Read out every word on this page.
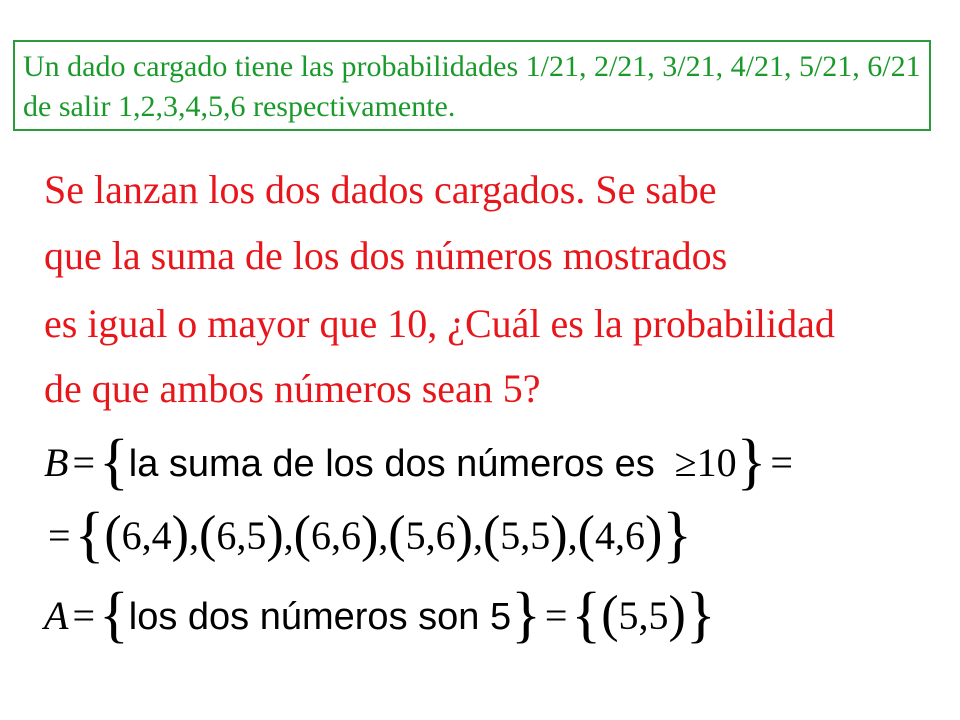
Un dado cargado tiene las probabilidades 1/21, 2/21, 3/21, 4/21, 5/21, 6/21
de salir 1,2,3,4,5,6 respectivamente.
Se lanzan los dos dados cargados. Se sabe
que la suma de los dos números mostrados
es igual o mayor que 10, ¿Cuál es la probabilidad
de que ambos números sean 5?
B ={la suma de los dos números es ≥10} =
={(6,4),(6,5),(6,6),(5,6),(5,5),(4,6)}
A ={los dos números son 5} ={(5,5)}
